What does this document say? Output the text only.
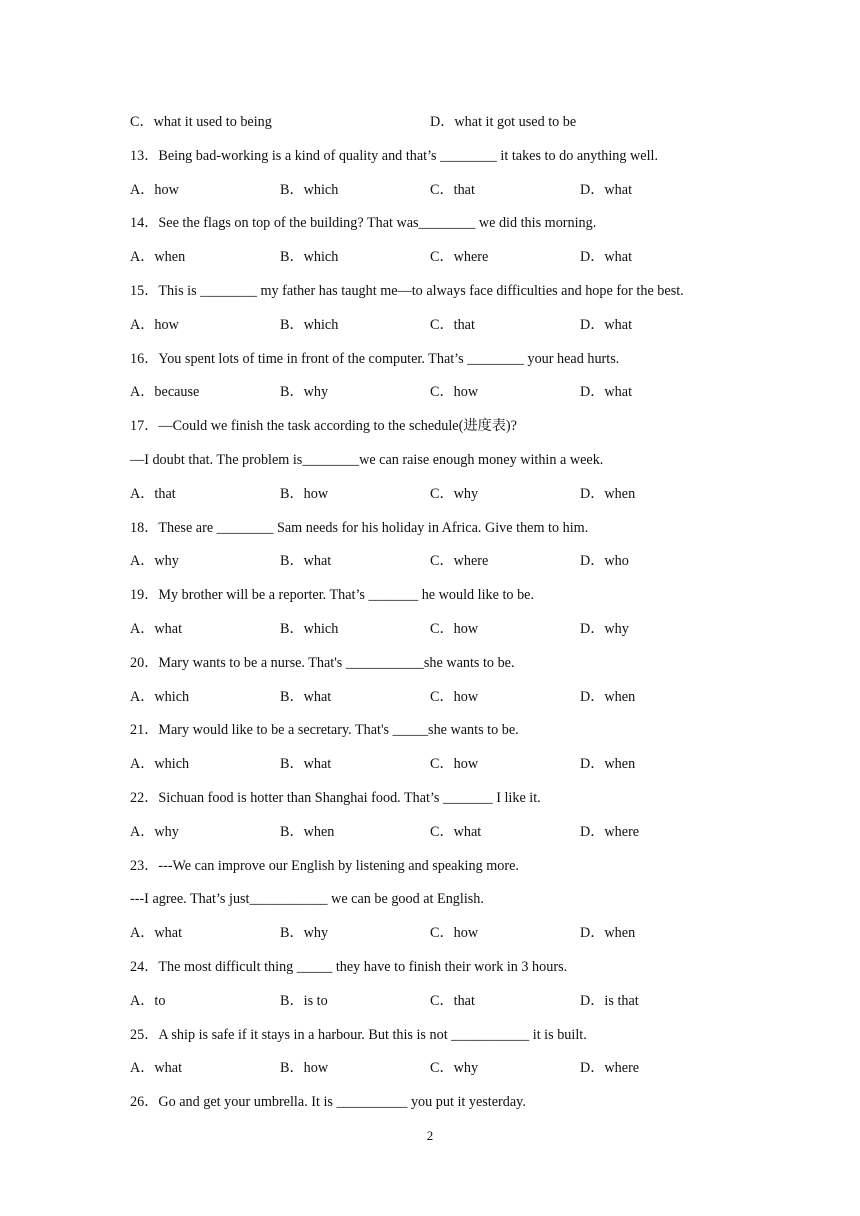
C．what it used to being	D．what it got used to be
13．Being bad-working is a kind of quality and that’s ________ it takes to do anything well.
A．how	B．which	C．that	D．what
14．See the flags on top of the building? That was________ we did this morning.
A．when	B．which	C．where	D．what
15．This is ________ my father has taught me—to always face difficulties and hope for the best.
A．how	B．which	C．that	D．what
16．You spent lots of time in front of the computer. That’s ________ your head hurts.
A．because	B．why	C．how	D．what
17．—Could we finish the task according to the schedule(进度表)?
—I doubt that. The problem is________we can raise enough money within a week.
A．that	B．how	C．why	D．when
18．These are ________ Sam needs for his holiday in Africa. Give them to him.
A．why	B．what	C．where	D．who
19．My brother will be a reporter. That’s _______ he would like to be.
A．what	B．which	C．how	D．why
20．Mary wants to be a nurse. That's ___________she wants to be.
A．which	B．what	C．how	D．when
21．Mary would like to be a secretary. That's _____she wants to be.
A．which	B．what	C．how	D．when
22．Sichuan food is hotter than Shanghai food. That’s _______ I like it.
A．why	B．when	C．what	D．where
23．---We can improve our English by listening and speaking more.
---I agree. That’s just___________ we can be good at English.
A．what	B．why	C．how	D．when
24．The most difficult thing _____ they have to finish their work in 3 hours.
A．to	B．is to	C．that	D．is that
25．A ship is safe if it stays in a harbour. But this is not ___________ it is built.
A．what	B．how	C．why	D．where
26．Go and get your umbrella. It is __________ you put it yesterday.
2
